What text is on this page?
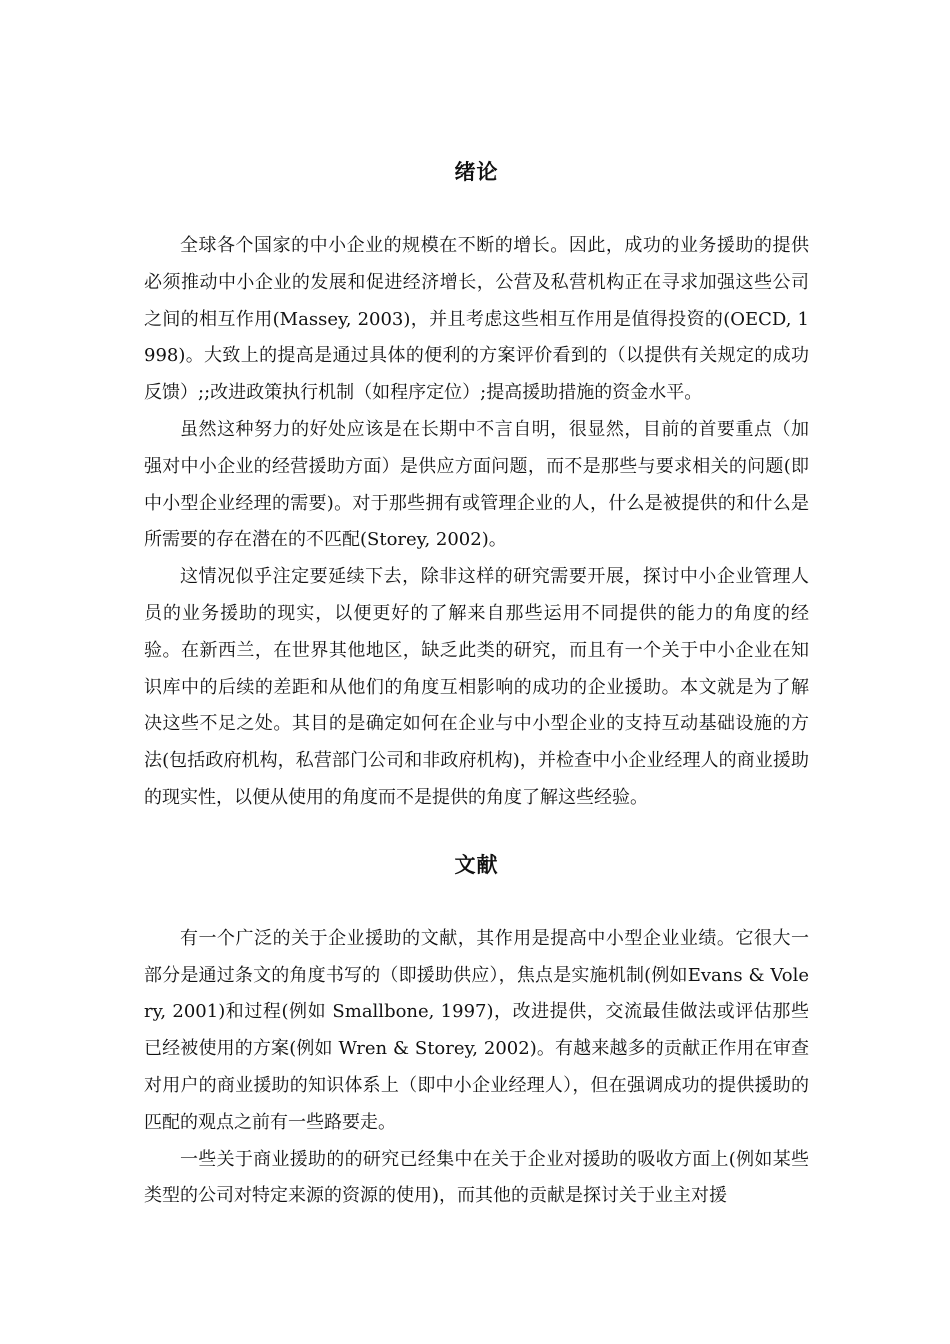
绪论

全球各个国家的中小企业的规模在不断的增长。因此，成功的业务援助的提供必须推动中小企业的发展和促进经济增长，公营及私营机构正在寻求加强这些公司之间的相互作用(Massey, 2003)，并且考虑这些相互作用是值得投资的(OECD, 1998)。大致上的提高是通过具体的便利的方案评价看到的（以提供有关规定的成功反馈）;;改进政策执行机制（如程序定位）;提高援助措施的资金水平。

虽然这种努力的好处应该是在长期中不言自明，很显然，目前的首要重点（加强对中小企业的经营援助方面）是供应方面问题，而不是那些与要求相关的问题(即中小型企业经理的需要)。对于那些拥有或管理企业的人，什么是被提供的和什么是所需要的存在潜在的不匹配(Storey, 2002)。

这情况似乎注定要延续下去，除非这样的研究需要开展，探讨中小企业管理人员的业务援助的现实，以便更好的了解来自那些运用不同提供的能力的角度的经验。在新西兰，在世界其他地区，缺乏此类的研究，而且有一个关于中小企业在知识库中的后续的差距和从他们的角度互相影响的成功的企业援助。本文就是为了解决这些不足之处。其目的是确定如何在企业与中小型企业的支持互动基础设施的方法(包括政府机构，私营部门公司和非政府机构)，并检查中小企业经理人的商业援助的现实性，以便从使用的角度而不是提供的角度了解这些经验。

文献

有一个广泛的关于企业援助的文献，其作用是提高中小型企业业绩。它很大一部分是通过条文的角度书写的（即援助供应），焦点是实施机制(例如Evans & Volery, 2001)和过程(例如 Smallbone, 1997)，改进提供，交流最佳做法或评估那些已经被使用的方案(例如 Wren & Storey, 2002)。有越来越多的贡献正作用在审查对用户的商业援助的知识体系上（即中小企业经理人），但在强调成功的提供援助的匹配的观点之前有一些路要走。

一些关于商业援助的的研究已经集中在关于企业对援助的吸收方面上(例如某些类型的公司对特定来源的资源的使用)，而其他的贡献是探讨关于业主对援
